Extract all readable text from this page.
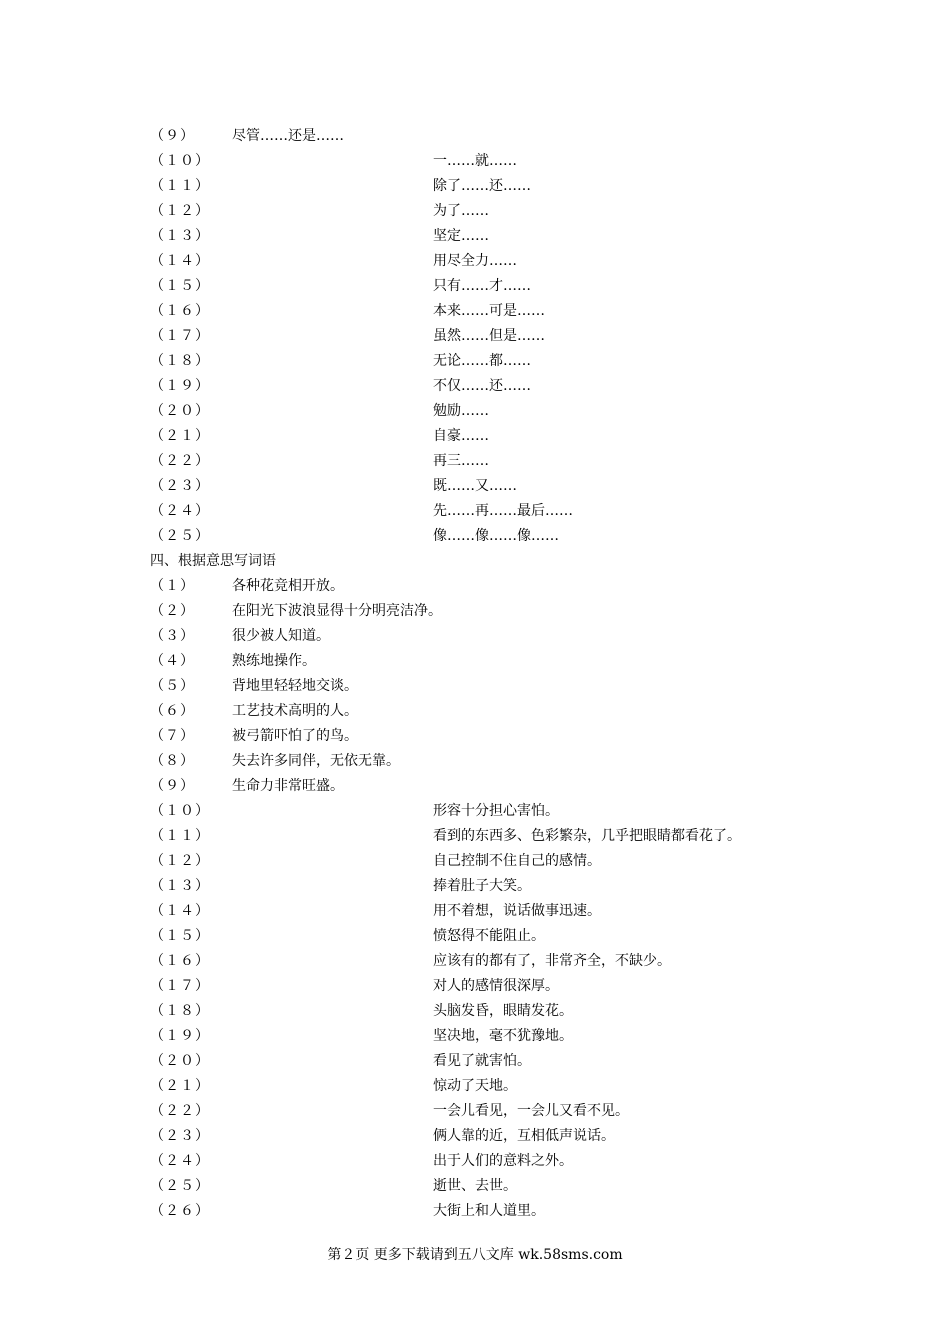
（９）	尽管……还是……
（１０）	一……就……
（１１）	除了……还……
（１２）	为了……
（１３）	坚定……
（１４）	用尽全力……
（１５）	只有……才……
（１６）	本来……可是……
（１７）	虽然……但是……
（１８）	无论……都……
（１９）	不仅……还……
（２０）	勉励……
（２１）	自豪……
（２２）	再三……
（２３）	既……又……
（２４）	先……再……最后……
（２５）	像……像……像……
四、根据意思写词语
（１）	各种花竞相开放。
（２）	在阳光下波浪显得十分明亮洁净。
（３）	很少被人知道。
（４）	熟练地操作。
（５）	背地里轻轻地交谈。
（６）	工艺技术高明的人。
（７）	被弓箭吓怕了的鸟。
（８）	失去许多同伴，无依无靠。
（９）	生命力非常旺盛。
（１０）	形容十分担心害怕。
（１１）	看到的东西多、色彩繁杂，几乎把眼睛都看花了。
（１２）	自己控制不住自己的感情。
（１３）	捧着肚子大笑。
（１４）	用不着想，说话做事迅速。
（１５）	愤怒得不能阻止。
（１６）	应该有的都有了，非常齐全，不缺少。
（１７）	对人的感情很深厚。
（１８）	头脑发昏，眼睛发花。
（１９）	坚决地，毫不犹豫地。
（２０）	看见了就害怕。
（２１）	惊动了天地。
（２２）	一会儿看见，一会儿又看不见。
（２３）	俩人靠的近，互相低声说话。
（２４）	出于人们的意料之外。
（２５）	逝世、去世。
（２６）	大街上和人道里。
第２页 更多下载请到五八文库 wk.58sms.com
